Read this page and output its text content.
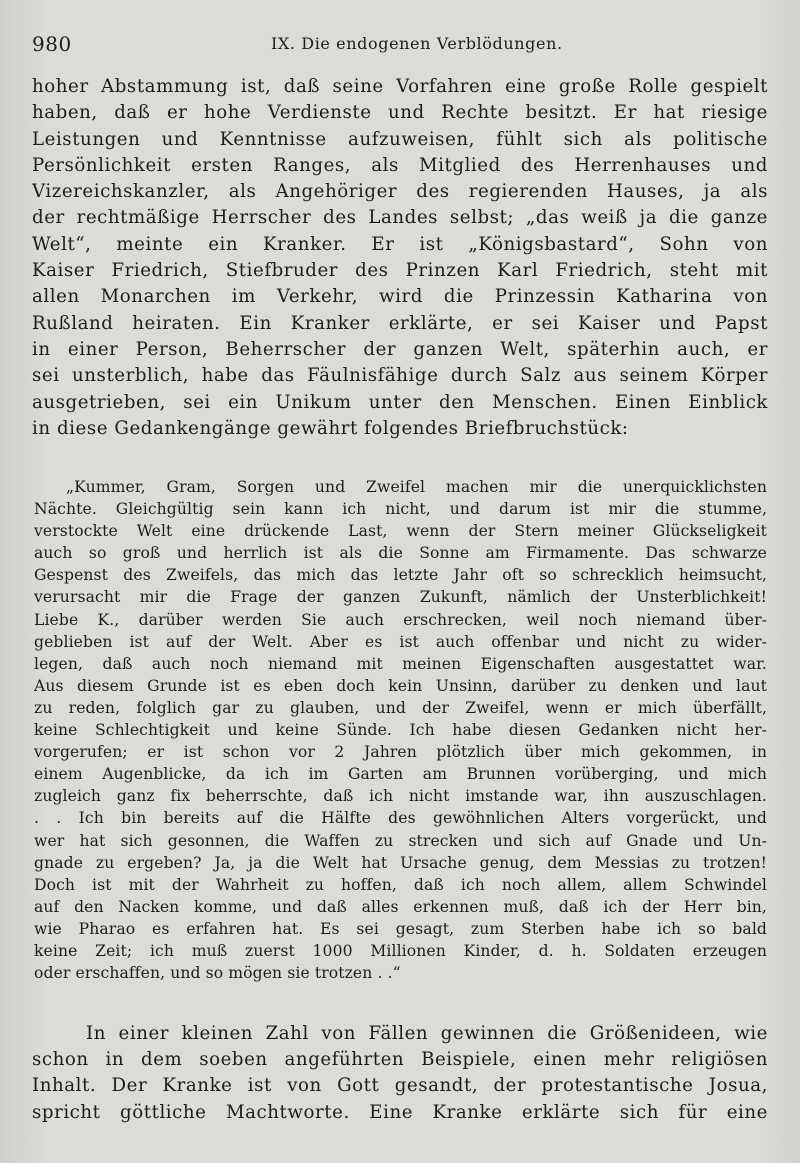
980	IX. Die endogenen Verblödungen.
hoher Abstammung ist, daß seine Vorfahren eine große Rolle gespielt
haben, daß er hohe Verdienste und Rechte besitzt. Er hat riesige
Leistungen und Kenntnisse aufzuweisen, fühlt sich als politische
Persönlichkeit ersten Ranges, als Mitglied des Herrenhauses und
Vizereichskanzler, als Angehöriger des regierenden Hauses, ja als
der rechtmäßige Herrscher des Landes selbst; „das weiß ja die ganze
Welt“, meinte ein Kranker. Er ist „Königsbastard“, Sohn von
Kaiser Friedrich, Stiefbruder des Prinzen Karl Friedrich, steht mit
allen Monarchen im Verkehr, wird die Prinzessin Katharina von
Rußland heiraten. Ein Kranker erklärte, er sei Kaiser und Papst
in einer Person, Beherrscher der ganzen Welt, späterhin auch, er
sei unsterblich, habe das Fäulnisfähige durch Salz aus seinem Körper
ausgetrieben, sei ein Unikum unter den Menschen. Einen Einblick
in diese Gedankengänge gewährt folgendes Briefbruchstück:
„Kummer, Gram, Sorgen und Zweifel machen mir die unerquicklichsten
Nächte. Gleichgültig sein kann ich nicht, und darum ist mir die stumme,
verstockte Welt eine drückende Last, wenn der Stern meiner Glückseligkeit
auch so groß und herrlich ist als die Sonne am Firmamente. Das schwarze
Gespenst des Zweifels, das mich das letzte Jahr oft so schrecklich heimsucht,
verursacht mir die Frage der ganzen Zukunft, nämlich der Unsterblichkeit!
Liebe K., darüber werden Sie auch erschrecken, weil noch niemand über-
geblieben ist auf der Welt. Aber es ist auch offenbar und nicht zu wider-
legen, daß auch noch niemand mit meinen Eigenschaften ausgestattet war.
Aus diesem Grunde ist es eben doch kein Unsinn, darüber zu denken und laut
zu reden, folglich gar zu glauben, und der Zweifel, wenn er mich überfällt,
keine Schlechtigkeit und keine Sünde. Ich habe diesen Gedanken nicht her-
vorgerufen; er ist schon vor 2 Jahren plötzlich über mich gekommen, in
einem Augenblicke, da ich im Garten am Brunnen vorüberging, und mich
zugleich ganz fix beherrschte, daß ich nicht imstande war, ihn auszuschlagen.
. . Ich bin bereits auf die Hälfte des gewöhnlichen Alters vorgerückt, und
wer hat sich gesonnen, die Waffen zu strecken und sich auf Gnade und Un-
gnade zu ergeben? Ja, ja die Welt hat Ursache genug, dem Messias zu trotzen!
Doch ist mit der Wahrheit zu hoffen, daß ich noch allem, allem Schwindel
auf den Nacken komme, und daß alles erkennen muß, daß ich der Herr bin,
wie Pharao es erfahren hat. Es sei gesagt, zum Sterben habe ich so bald
keine Zeit; ich muß zuerst 1000 Millionen Kinder, d. h. Soldaten erzeugen
oder erschaffen, und so mögen sie trotzen . .“
In einer kleinen Zahl von Fällen gewinnen die Größenideen, wie
schon in dem soeben angeführten Beispiele, einen mehr religiösen
Inhalt. Der Kranke ist von Gott gesandt, der protestantische Josua,
spricht göttliche Machtworte. Eine Kranke erklärte sich für eine
